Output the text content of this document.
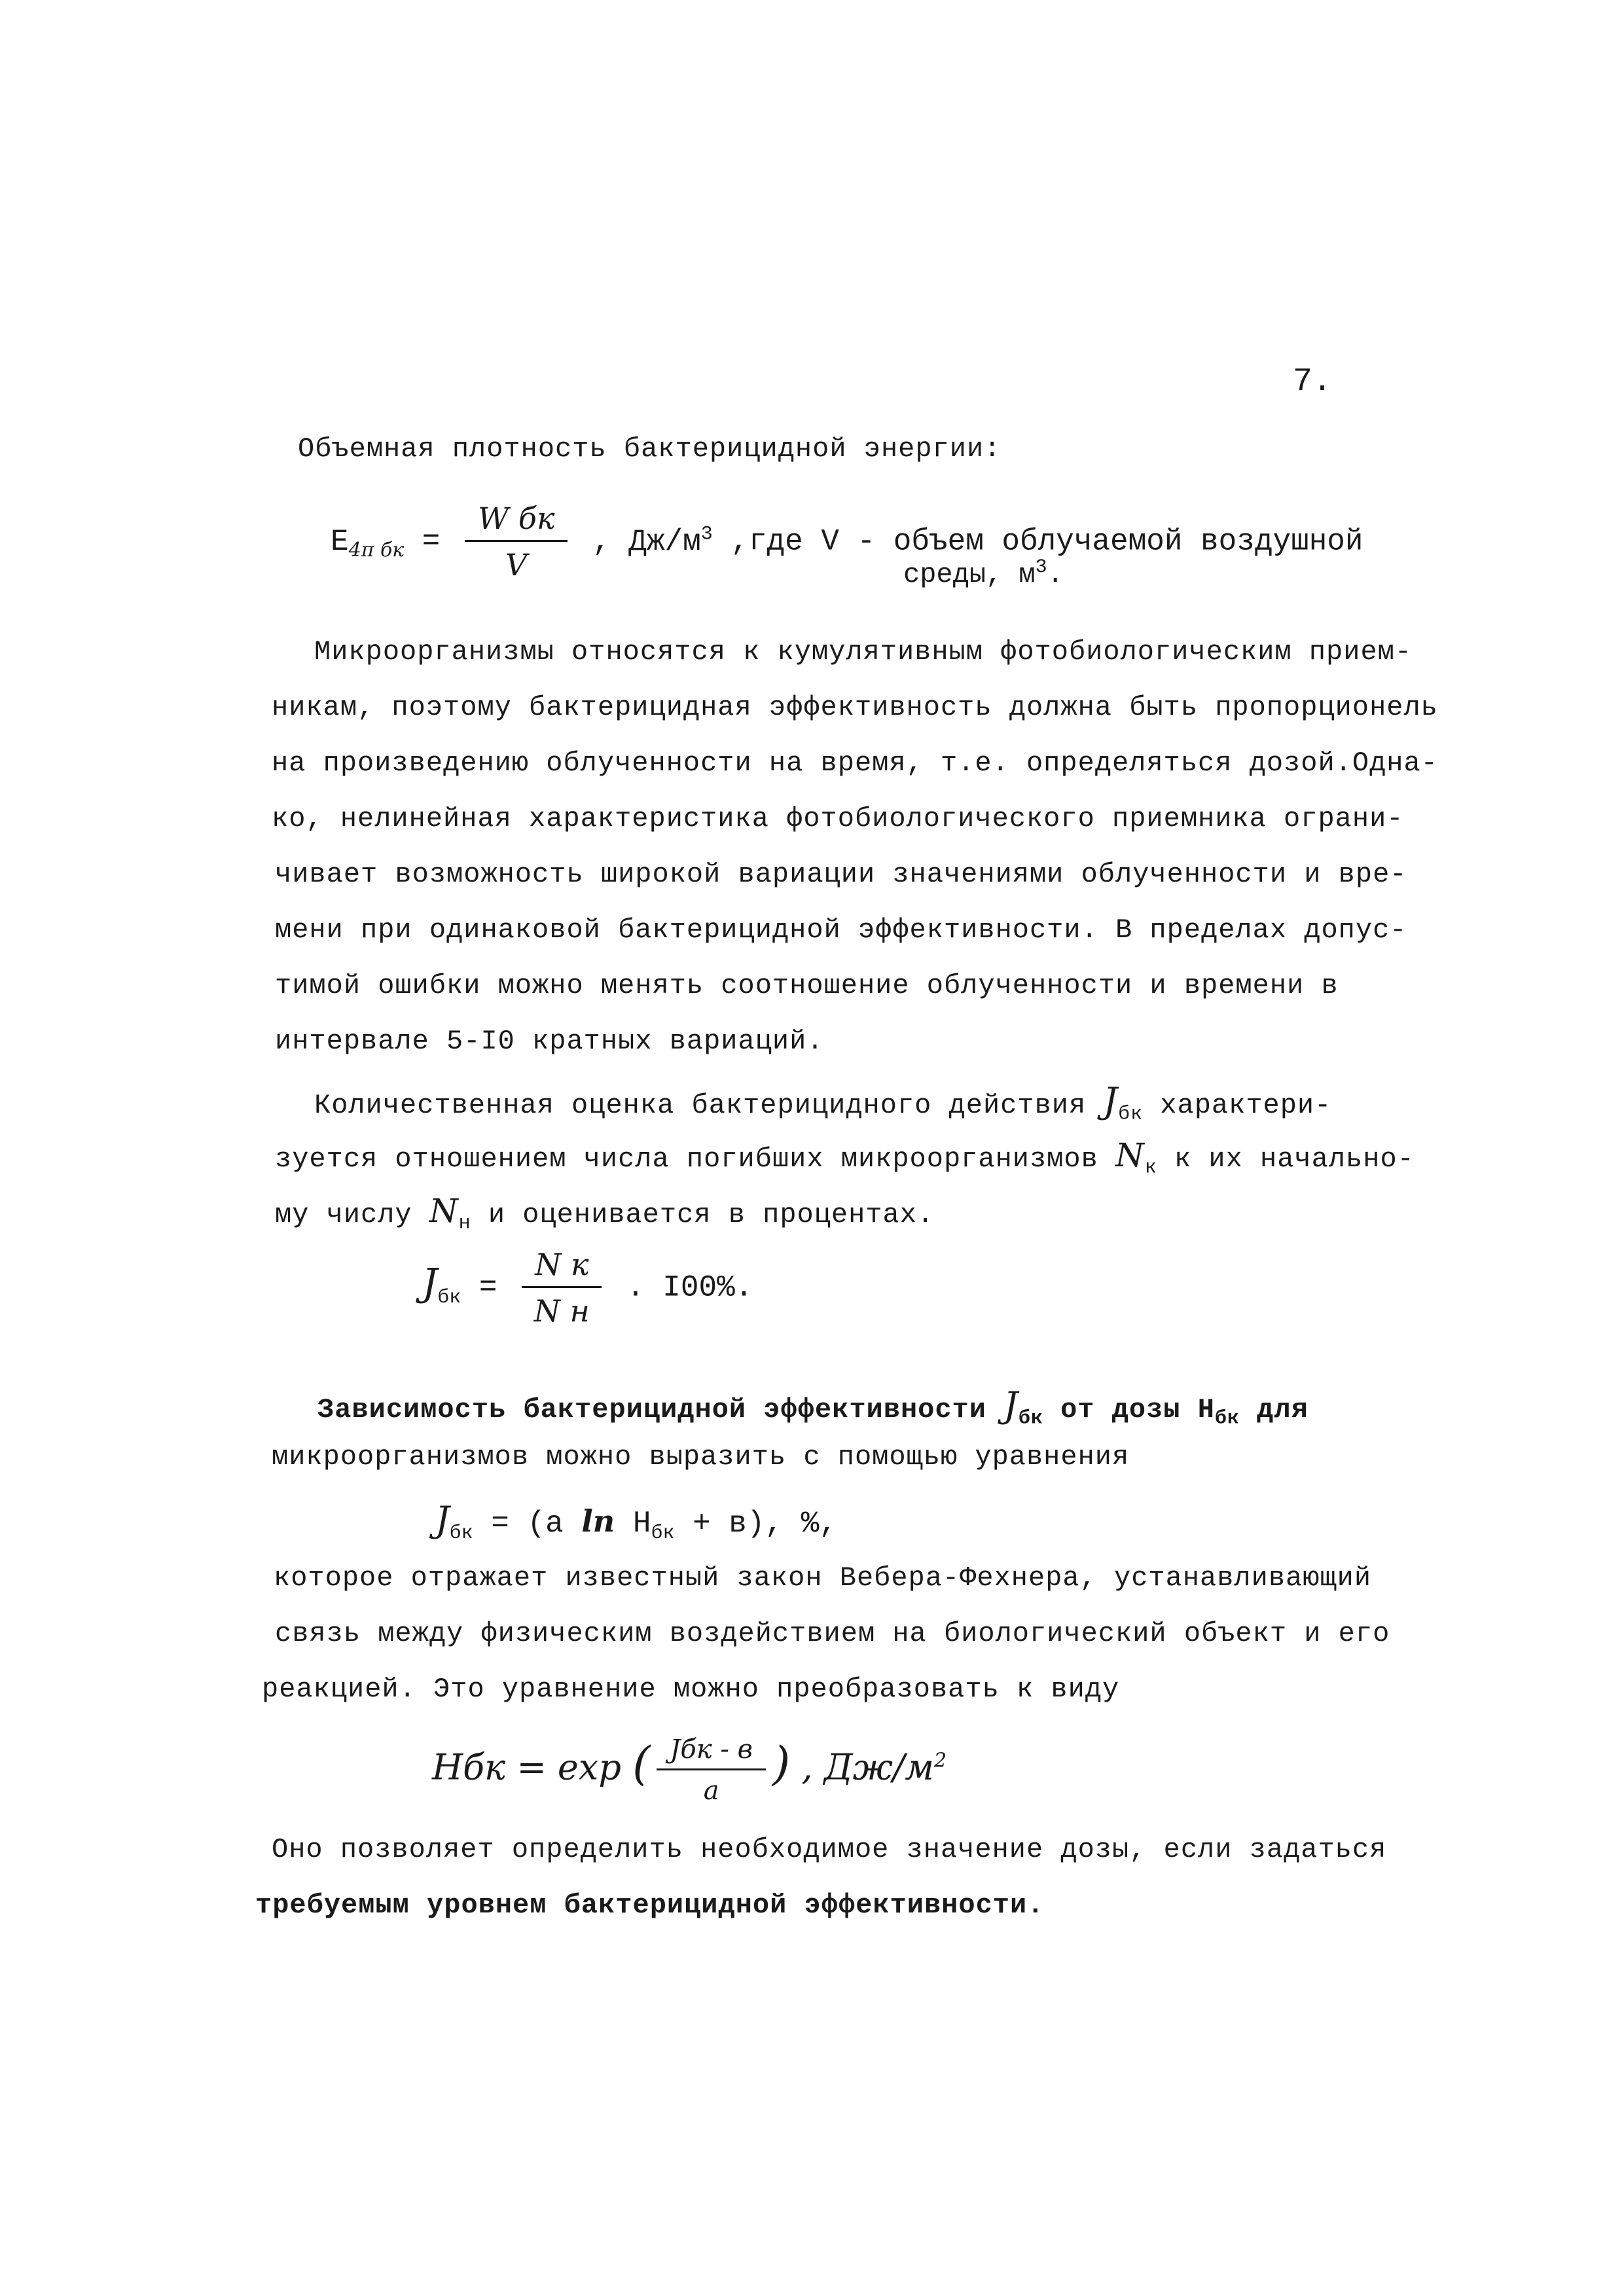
7.
Объемная плотность бактерицидной энергии:
$Е_{4\pi бк} = \frac{\text{W бк}}{V}$ , $Дж/м^3$ ,где V - объем облучаемой воздушной
среды, $м^3$.
Микроорганизмы относятся к кумулятивным фотобиологическим прием-
никам, поэтому бактерицидная эффективность должна быть пропорционель
на произведению облученности на время, т.е. определяться дозой.Одна-
ко, нелинейная характеристика фотобиологического приемника ограни-
чивает возможность широкой вариации значениями облученности и вре-
мени при одинаковой бактерицидной эффективности. В пределах допус-
тимой ошибки можно менять соотношение облученности и времени в
интервале 5-I0 кратных вариаций.
Количественная оценка бактерицидного действия $J_{бк}$ характери-
зуется отношением числа погибших микроорганизмов $N_к$ к их начально-
му числу $N_н$ и оценивается в процентах.
$J_{бк} = \frac{\text{N к}}{\text{N н}}$ . I00%.
Зависимость бактерицидной эффективности $J_{бк}$ от дозы $Н_{бк}$ для
микроорганизмов можно выразить с помощью уравнения
$J_{бк} = (а$ $\ln Н_{бк} + в$), %,
которое отражает известный закон Вебера-Фехнера, устанавливающий
связь между физическим воздействием на биологический объект и его
реакцией. Это уравнение можно преобразовать к виду
Hбк = exp ( $\frac{\text{Jбк - в}}{а}$ ) , $Дж/м^2$
Оно позволяет определить необходимое значение дозы, если задаться
требуемым уровнем бактерицидной эффективности.
